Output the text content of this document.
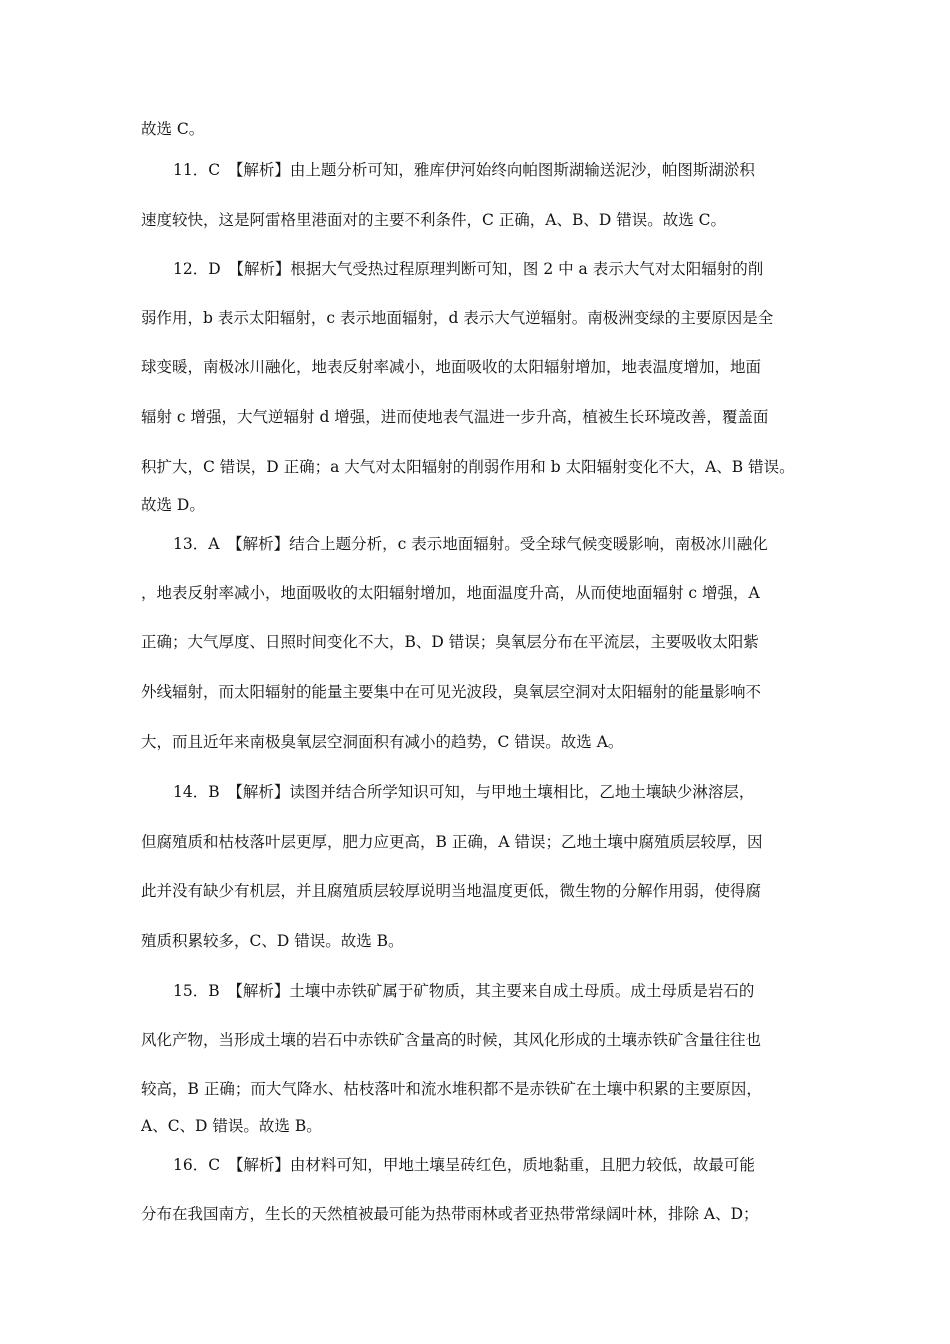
故选 C。
11．C　【解析】由上题分析可知，雅库伊河始终向帕图斯湖输送泥沙，帕图斯湖淤积
速度较快，这是阿雷格里港面对的主要不利条件，C 正确，A、B、D 错误。故选 C。
12．D　【解析】根据大气受热过程原理判断可知，图 2 中 a 表示大气对太阳辐射的削
弱作用，b 表示太阳辐射，c 表示地面辐射，d 表示大气逆辐射。南极洲变绿的主要原因是全
球变暖，南极冰川融化，地表反射率减小，地面吸收的太阳辐射增加，地表温度增加，地面
辐射 c 增强，大气逆辐射 d 增强，进而使地表气温进一步升高，植被生长环境改善，覆盖面
积扩大，C 错误，D 正确；a 大气对太阳辐射的削弱作用和 b 太阳辐射变化不大，A、B 错误。
故选 D。
13．A　【解析】结合上题分析，c 表示地面辐射。受全球气候变暖影响，南极冰川融化
，地表反射率减小，地面吸收的太阳辐射增加，地面温度升高，从而使地面辐射 c 增强，A
正确；大气厚度、日照时间变化不大，B、D 错误；臭氧层分布在平流层，主要吸收太阳紫
外线辐射，而太阳辐射的能量主要集中在可见光波段，臭氧层空洞对太阳辐射的能量影响不
大，而且近年来南极臭氧层空洞面积有减小的趋势，C 错误。故选 A。
14．B　【解析】读图并结合所学知识可知，与甲地土壤相比，乙地土壤缺少淋溶层，
但腐殖质和枯枝落叶层更厚，肥力应更高，B 正确，A 错误；乙地土壤中腐殖质层较厚，因
此并没有缺少有机层，并且腐殖质层较厚说明当地温度更低，微生物的分解作用弱，使得腐
殖质积累较多，C、D 错误。故选 B。
15．B　【解析】土壤中赤铁矿属于矿物质，其主要来自成土母质。成土母质是岩石的
风化产物，当形成土壤的岩石中赤铁矿含量高的时候，其风化形成的土壤赤铁矿含量往往也
较高，B 正确；而大气降水、枯枝落叶和流水堆积都不是赤铁矿在土壤中积累的主要原因，
A、C、D 错误。故选 B。
16．C　【解析】由材料可知，甲地土壤呈砖红色，质地黏重，且肥力较低，故最可能
分布在我国南方，生长的天然植被最可能为热带雨林或者亚热带常绿阔叶林，排除 A、D；
